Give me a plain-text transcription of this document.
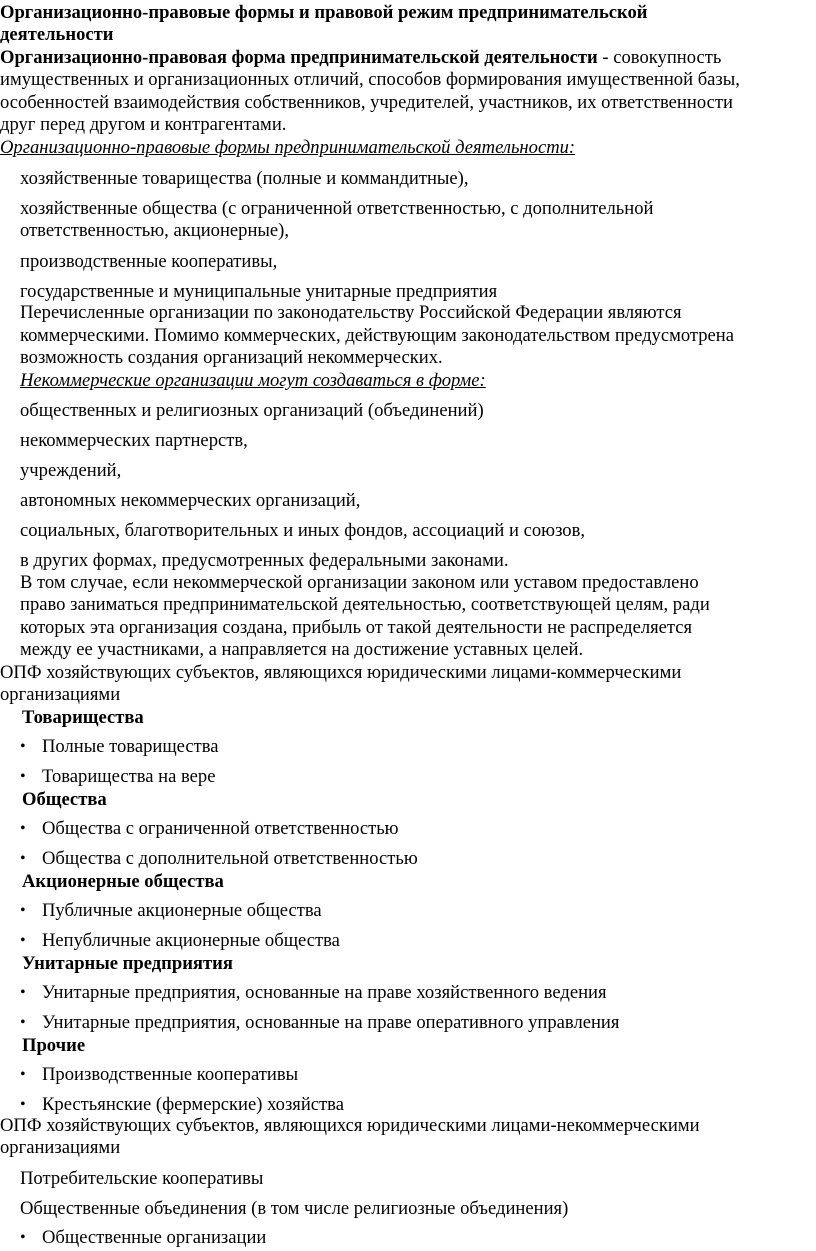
Организационно-правовые формы и правовой режим предпринимательской
деятельности
Организационно-правовая форма предпринимательской деятельности - совокупность
имущественных и организационных отличий, способов формирования имущественной базы,
особенностей взаимодействия собственников, учредителей, участников, их ответственности
друг перед другом и контрагентами.
Организационно-правовые формы предпринимательской деятельности:
хозяйственные товарищества (полные и коммандитные),
хозяйственные общества (с ограниченной ответственностью, с дополнительной
ответственностью, акционерные),
производственные кооперативы,
государственные и муниципальные унитарные предприятия
Перечисленные организации по законодательству Российской Федерации являются
коммерческими. Помимо коммерческих, действующим законодательством предусмотрена
возможность создания организаций некоммерческих.
Некоммерческие организации могут создаваться в форме:
общественных и религиозных организаций (объединений)
некоммерческих партнерств,
учреждений,
автономных некоммерческих организаций,
социальных, благотворительных и иных фондов, ассоциаций и союзов,
в других формах, предусмотренных федеральными законами.
В том случае, если некоммерческой организации законом или уставом предоставлено
право заниматься предпринимательской деятельностью, соответствующей целям, ради
которых эта организация создана, прибыль от такой деятельности не распределяется
между ее участниками, а направляется на достижение уставных целей.
ОПФ хозяйствующих субъектов, являющихся юридическими лицами-коммерческими
организациями
Товарищества
• Полные товарищества
• Товарищества на вере
Общества
• Общества с ограниченной ответственностью
• Общества с дополнительной ответственностью
Акционерные общества
• Публичные акционерные общества
• Непубличные акционерные общества
Унитарные предприятия
• Унитарные предприятия, основанные на праве хозяйственного ведения
• Унитарные предприятия, основанные на праве оперативного управления
Прочие
• Производственные кооперативы
• Крестьянские (фермерские) хозяйства
ОПФ хозяйствующих субъектов, являющихся юридическими лицами-некоммерческими
организациями
Потребительские кооперативы
Общественные объединения (в том числе религиозные объединения)
• Общественные организации
